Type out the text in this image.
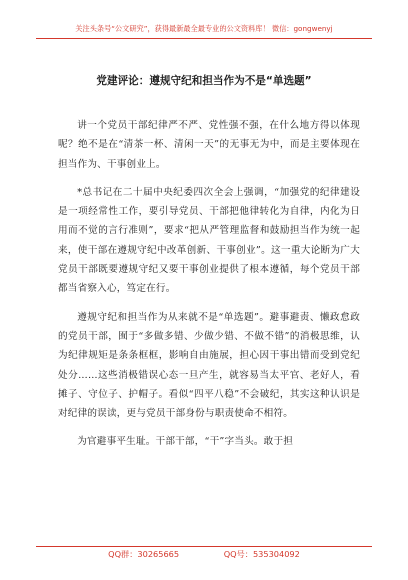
关注头条号“公文研究”，获得最新最全最专业的公文资料库！ 微信：gongwenyj
党建评论：遵规守纪和担当作为不是“单选题”

讲一个党员干部纪律严不严、党性强不强，在什么地方得以体现呢？绝不是在“清茶一杯、清闲一天”的无事无为中，而是主要体现在担当作为、干事创业上。

*总书记在二十届中央纪委四次全会上强调，“加强党的纪律建设是一项经常性工作，要引导党员、干部把他律转化为自律，内化为日用而不觉的言行准则”，要求“把从严管理监督和鼓励担当作为统一起来，使干部在遵规守纪中改革创新、干事创业”。这一重大论断为广大党员干部既要遵规守纪又要干事创业提供了根本遵循，每个党员干部都当省察入心，笃定在行。

遵规守纪和担当作为从来就不是“单选题”。避事避责、懒政怠政的党员干部，囿于“多做多错、少做少错、不做不错”的消极思维，认为纪律规矩是条条框框，影响自由施展，担心因干事出错而受到党纪处分……这些消极错误心态一旦产生，就容易当太平官、老好人，看摊子、守位子、护帽子。看似“四平八稳”不会破纪，其实这种认识是对纪律的误读，更与党员干部身份与职责使命不相符。

为官避事平生耻。干部干部，“干”字当头。敢于担

QQ群：30265665	QQ号：535304092
